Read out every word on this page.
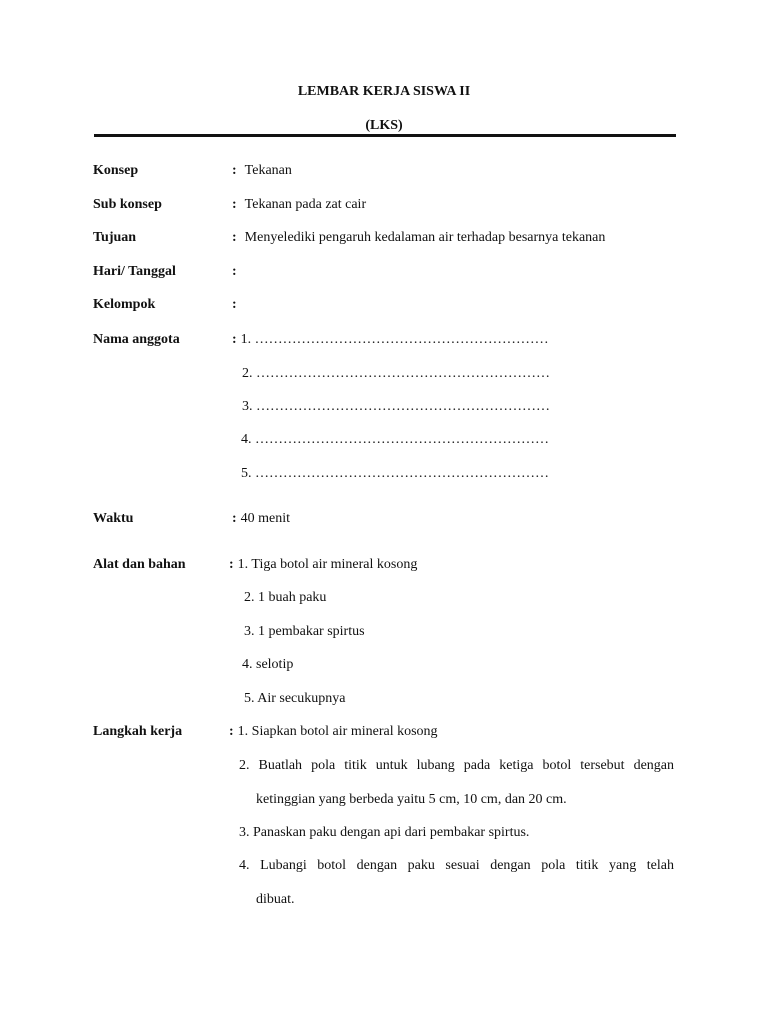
LEMBAR KERJA SISWA II
(LKS)
Konsep	: Tekanan
Sub konsep	: Tekanan pada zat cair
Tujuan	: Menyelediki pengaruh kedalaman air terhadap besarnya tekanan
Hari/ Tanggal	:
Kelompok	:
Nama anggota	: 1. ………………………………………………………
2. ………………………………………………………
3. ………………………………………………………
4. ………………………………………………………
5. ………………………………………………………
Waktu	: 40 menit
Alat dan bahan	: 1. Tiga botol air mineral kosong
2. 1 buah paku
3. 1 pembakar spirtus
4. selotip
5. Air secukupnya
Langkah kerja	: 1. Siapkan botol air mineral kosong
2. Buatlah pola titik untuk lubang pada ketiga botol tersebut dengan
ketinggian yang berbeda yaitu 5 cm, 10 cm, dan 20 cm.
3. Panaskan paku dengan api dari pembakar spirtus.
4. Lubangi botol dengan paku sesuai dengan pola titik yang telah
dibuat.
